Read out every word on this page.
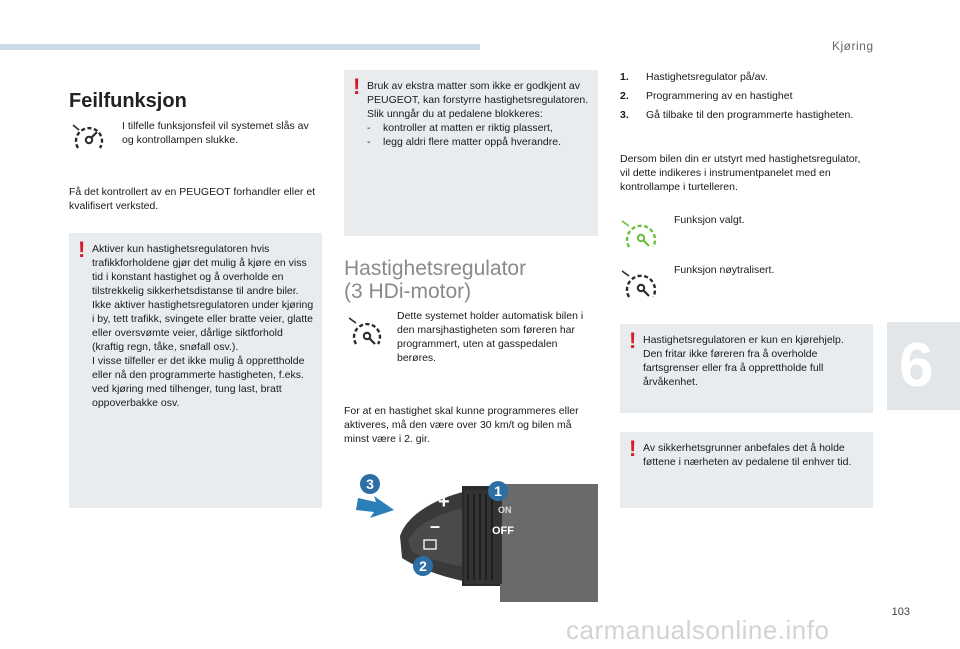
Kjøring
6
103
carmanualsonline.info
Feilfunksjon

I tilfelle funksjonsfeil vil systemet slås av og kontrollampen slukke.

Få det kontrollert av en PEUGEOT forhandler eller et kvalifisert verksted.

! Aktiver kun hastighetsregulatoren hvis trafikkforholdene gjør det mulig å kjøre en viss tid i konstant hastighet og å overholde en tilstrekkelig sikkerhetsdistanse til andre biler.
Ikke aktiver hastighetsregulatoren under kjøring i by, tett trafikk, svingete eller bratte veier, glatte eller oversvømte veier, dårlige siktforhold (kraftig regn, tåke, snøfall osv.).
I visse tilfeller er det ikke mulig å opprettholde eller nå den programmerte hastigheten, f.eks. ved kjøring med tilhenger, tung last, bratt oppoverbakke osv.
! Bruk av ekstra matter som ikke er godkjent av PEUGEOT, kan forstyrre hastighetsregulatoren.
Slik unngår du at pedalene blokkeres:
- kontroller at matten er riktig plassert,
- legg aldri flere matter oppå hverandre.
Hastighetsregulator
(3 HDi-motor)

Dette systemet holder automatisk bilen i den marsjhastigheten som føreren har programmert, uten at gasspedalen berøres.

For at en hastighet skal kunne programmeres eller aktiveres, må den være over 30 km/t og bilen må minst være i 2. gir.

+
–
ON
OFF
3	1
2
1. Hastighetsregulator på/av.
2. Programmering av en hastighet
3. Gå tilbake til den programmerte hastigheten.

Dersom bilen din er utstyrt med hastighetsregulator, vil dette indikeres i instrumentpanelet med en kontrollampe i turtelleren.

Funksjon valgt.

Funksjon nøytralisert.

! Hastighetsregulatoren er kun en kjørehjelp. Den fritar ikke føreren fra å overholde fartsgrenser eller fra å opprettholde full årvåkenhet.
! Av sikkerhetsgrunner anbefales det å holde føttene i nærheten av pedalene til enhver tid.
